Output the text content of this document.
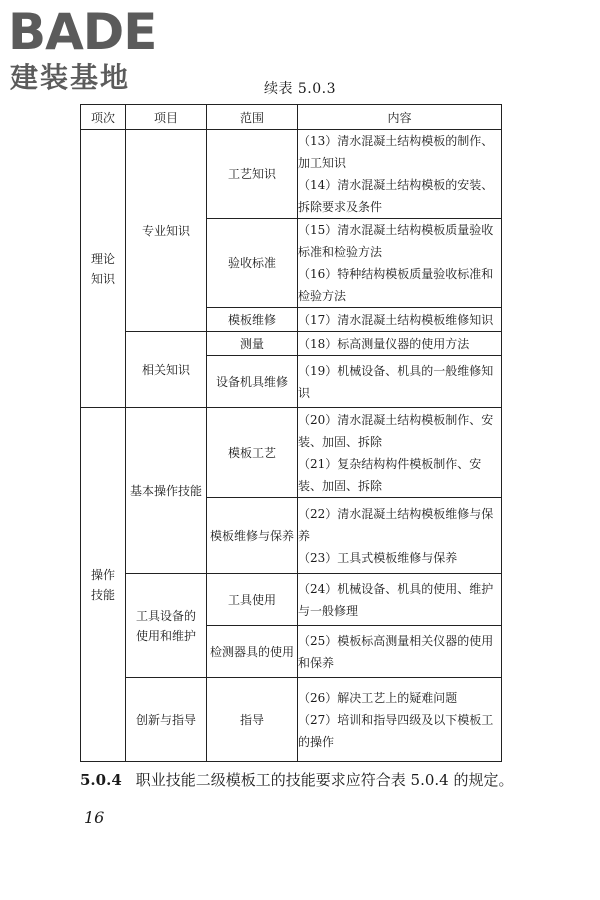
BADE
建装基地	续表 5.0.3
项次	项目	范围	内容
理论知识	专业知识	工艺知识	（13）清水混凝土结构模板的制作、加工知识
（14）清水混凝土结构模板的安装、拆除要求及条件

		验收标准	（15）清水混凝土结构模板质量验收标准和检验方法
（16）特种结构模板质量验收标准和检验方法

		模板维修	（17）清水混凝土结构模板维修知识

	相关知识	测量	（18）标高测量仪器的使用方法

		设备机具维修	（19）机械设备、机具的一般维修知识

操作技能	基本操作技能	模板工艺	（20）清水混凝土结构模板制作、安装、加固、拆除
（21）复杂结构构件模板制作、安装、加固、拆除

		模板维修与保养	（22）清水混凝土结构模板维修与保养
（23）工具式模板维修与保养

	工具设备的使用和维护	工具使用	（24）机械设备、机具的使用、维护与一般修理

		检测器具的使用	（25）模板标高测量相关仪器的使用和保养

	创新与指导	指导	（26）解决工艺上的疑难问题
（27）培训和指导四级及以下模板工的操作
5.0.4 职业技能二级模板工的技能要求应符合表 5.0.4 的规定。
16
